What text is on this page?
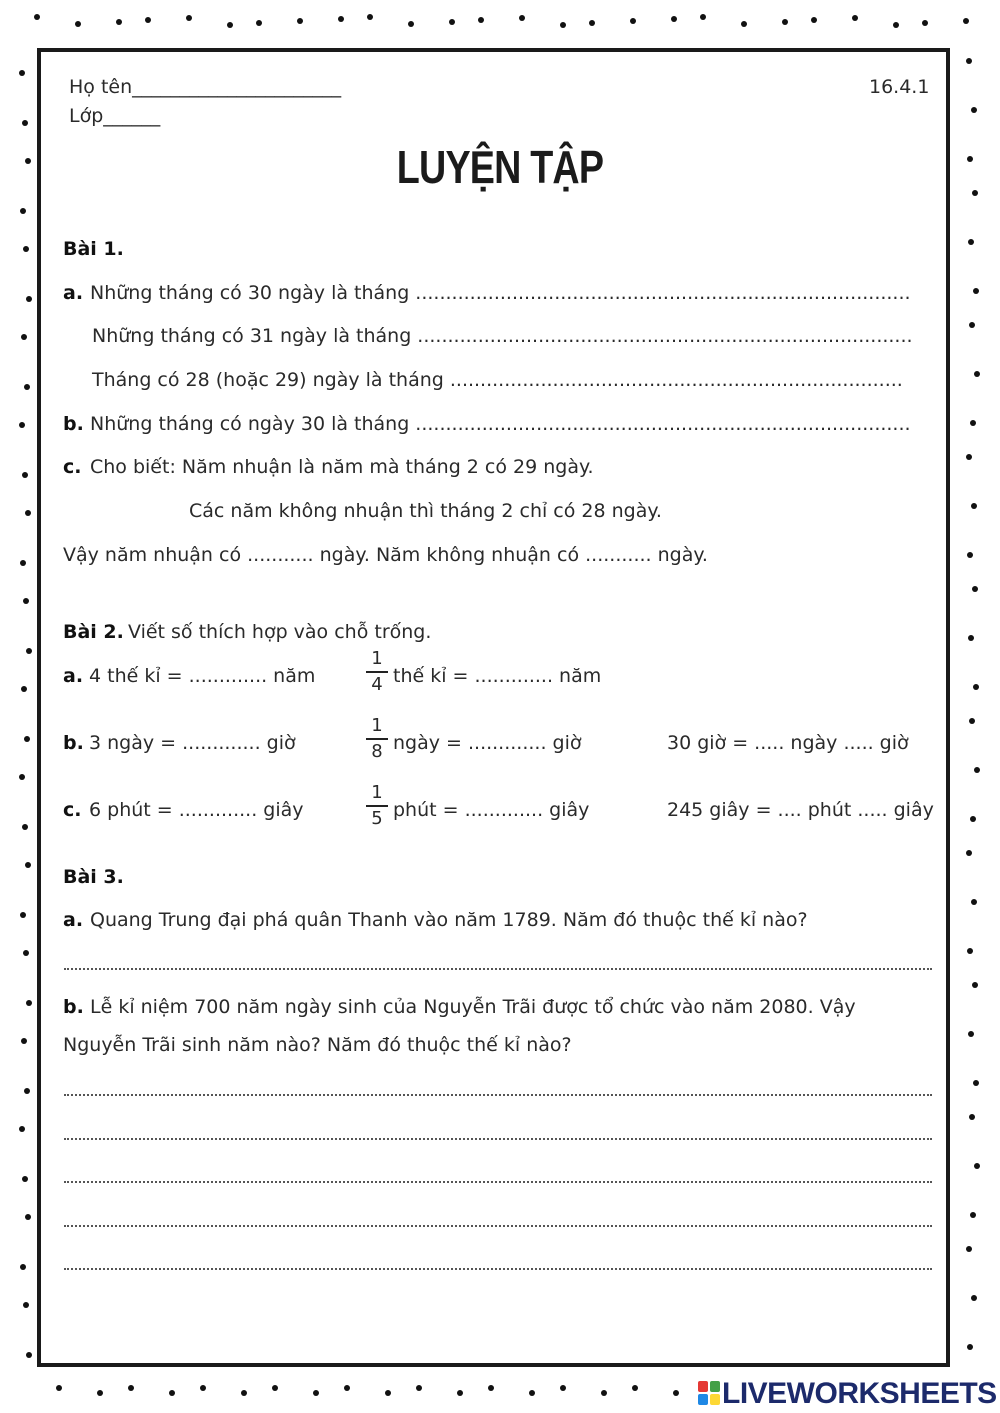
Họ tên______________________
Lớp______
16.4.1
LUYỆN TẬP
Bài 1.
a. Những tháng có 30 ngày là tháng ..................................................................................
Những tháng có 31 ngày là tháng ..................................................................................
Tháng có 28 (hoặc 29) ngày là tháng ...........................................................................
b. Những tháng có ngày 30 là tháng ..................................................................................
c. Cho biết: Năm nhuận là năm mà tháng 2 có 29 ngày.
Các năm không nhuận thì tháng 2 chỉ có 28 ngày.
Vậy năm nhuận có ........... ngày. Năm không nhuận có ........... ngày.
Bài 2. Viết số thích hợp vào chỗ trống.
a. 4 thế kỉ = ............. năm
1
4 thế kỉ = ............. năm
b. 3 ngày = ............. giờ
1
8 ngày = ............. giờ	30 giờ = ..... ngày ..... giờ
c. 6 phút = ............. giây
1
5 phút = ............. giây	245 giây = .... phút ..... giây
Bài 3.
a. Quang Trung đại phá quân Thanh vào năm 1789. Năm đó thuộc thế kỉ nào?
b. Lễ kỉ niệm 700 năm ngày sinh của Nguyễn Trãi được tổ chức vào năm 2080. Vậy
Nguyễn Trãi sinh năm nào? Năm đó thuộc thế kỉ nào?
LIVEWORKSHEETS
